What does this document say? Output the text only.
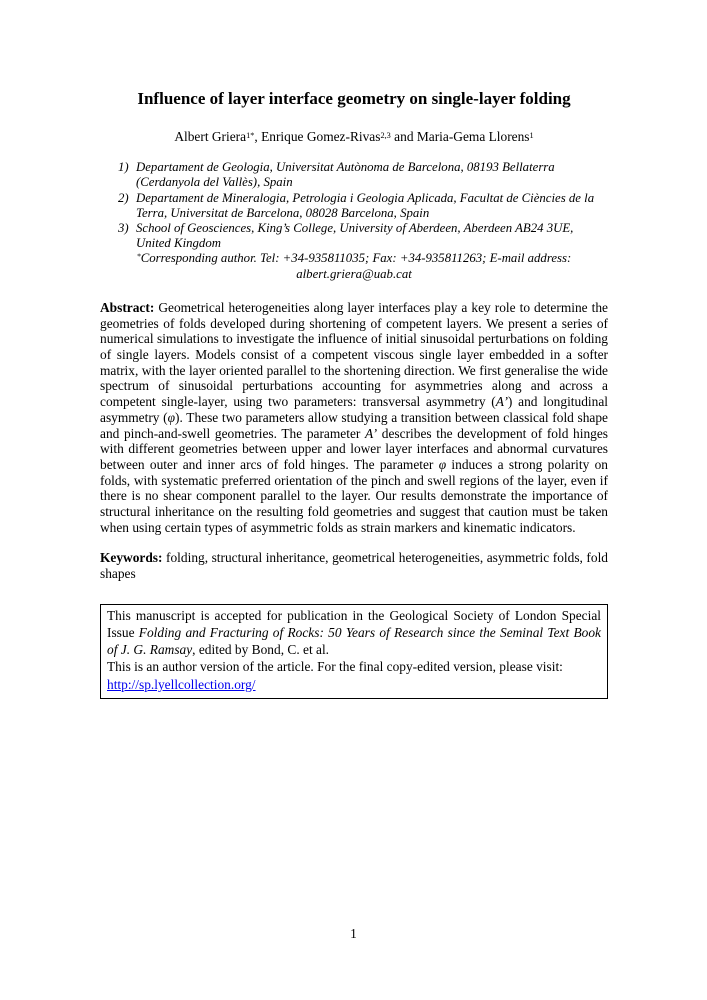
Influence of layer interface geometry on single-layer folding

Albert Griera$^{1*}$, Enrique Gomez-Rivas$^{2,3}$ and Maria-Gema Llorens$^1$

1) Departament de Geologia, Universitat Autònoma de Barcelona, 08193 Bellaterra (Cerdanyola del Vallès), Spain
2) Departament de Mineralogia, Petrologia i Geologia Aplicada, Facultat de Ciències de la Terra, Universitat de Barcelona, 08028 Barcelona, Spain
3) School of Geosciences, King’s College, University of Aberdeen, Aberdeen AB24 3UE, United Kingdom

*Corresponding author. Tel: +34-935811035; Fax: +34-935811263; E-mail address:
albert.griera@uab.cat

Abstract: Geometrical heterogeneities along layer interfaces play a key role to determine the geometries of folds developed during shortening of competent layers. We present a series of numerical simulations to investigate the influence of initial sinusoidal perturbations on folding of single layers. Models consist of a competent viscous single layer embedded in a softer matrix, with the layer oriented parallel to the shortening direction. We first generalise the wide spectrum of sinusoidal perturbations accounting for asymmetries along and across a competent single-layer, using two parameters: transversal asymmetry (A’) and longitudinal asymmetry (φ). These two parameters allow studying a transition between classical fold shape and pinch-and-swell geometries. The parameter A’ describes the development of fold hinges with different geometries between upper and lower layer interfaces and abnormal curvatures between outer and inner arcs of fold hinges. The parameter φ induces a strong polarity on folds, with systematic preferred orientation of the pinch and swell regions of the layer, even if there is no shear component parallel to the layer. Our results demonstrate the importance of structural inheritance on the resulting fold geometries and suggest that caution must be taken when using certain types of asymmetric folds as strain markers and kinematic indicators.

Keywords: folding, structural inheritance, geometrical heterogeneities, asymmetric folds, fold shapes

This manuscript is accepted for publication in the Geological Society of London Special Issue Folding and Fracturing of Rocks: 50 Years of Research since the Seminal Text Book of J. G. Ramsay, edited by Bond, C. et al.

This is an author version of the article. For the final copy-edited version, please visit:

http://sp.lyellcollection.org/

1
